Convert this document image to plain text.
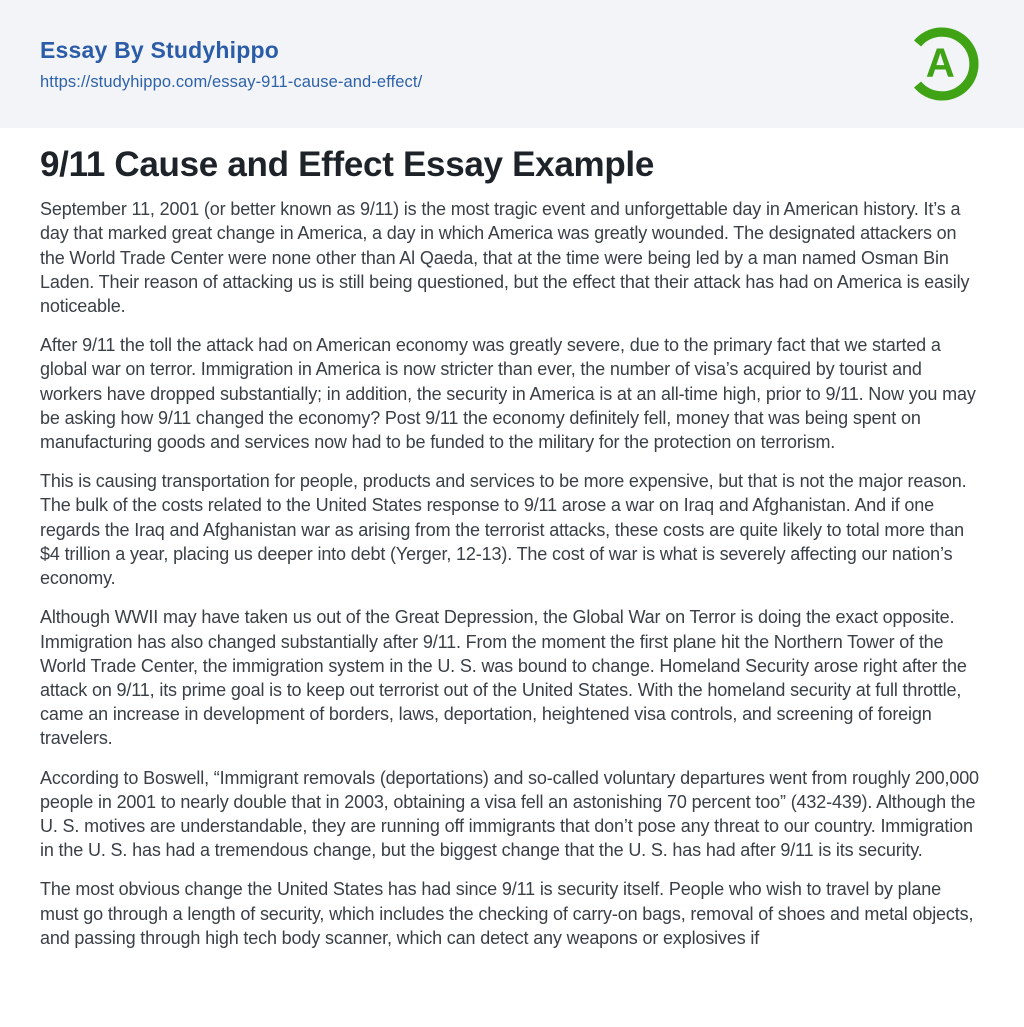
Essay By Studyhippo
https://studyhippo.com/essay-911-cause-and-effect/	A
9/11 Cause and Effect Essay Example

September 11, 2001 (or better known as 9/11) is the most tragic event and unforgettable day in American history. It’s a day that marked great change in America, a day in which America was greatly wounded. The designated attackers on the World Trade Center were none other than Al Qaeda, that at the time were being led by a man named Osman Bin Laden. Their reason of attacking us is still being questioned, but the effect that their attack has had on America is easily noticeable.

After 9/11 the toll the attack had on American economy was greatly severe, due to the primary fact that we started a global war on terror. Immigration in America is now stricter than ever, the number of visa’s acquired by tourist and workers have dropped substantially; in addition, the security in America is at an all-time high, prior to 9/11. Now you may be asking how 9/11 changed the economy? Post 9/11 the economy definitely fell, money that was being spent on manufacturing goods and services now had to be funded to the military for the protection on terrorism.

This is causing transportation for people, products and services to be more expensive, but that is not the major reason. The bulk of the costs related to the United States response to 9/11 arose a war on Iraq and Afghanistan. And if one regards the Iraq and Afghanistan war as arising from the terrorist attacks, these costs are quite likely to total more than $4 trillion a year, placing us deeper into debt (Yerger, 12-13). The cost of war is what is severely affecting our nation’s economy.

Although WWII may have taken us out of the Great Depression, the Global War on Terror is doing the exact opposite. Immigration has also changed substantially after 9/11. From the moment the first plane hit the Northern Tower of the World Trade Center, the immigration system in the U. S. was bound to change. Homeland Security arose right after the attack on 9/11, its prime goal is to keep out terrorist out of the United States. With the homeland security at full throttle, came an increase in development of borders, laws, deportation, heightened visa controls, and screening of foreign travelers.

According to Boswell, “Immigrant removals (deportations) and so-called voluntary departures went from roughly 200,000 people in 2001 to nearly double that in 2003, obtaining a visa fell an astonishing 70 percent too” (432-439). Although the U. S. motives are understandable, they are running off immigrants that don’t pose any threat to our country. Immigration in the U. S. has had a tremendous change, but the biggest change that the U. S. has had after 9/11 is its security.

The most obvious change the United States has had since 9/11 is security itself. People who wish to travel by plane must go through a length of security, which includes the checking of carry-on bags, removal of shoes and metal objects, and passing through high tech body scanner, which can detect any weapons or explosives if
